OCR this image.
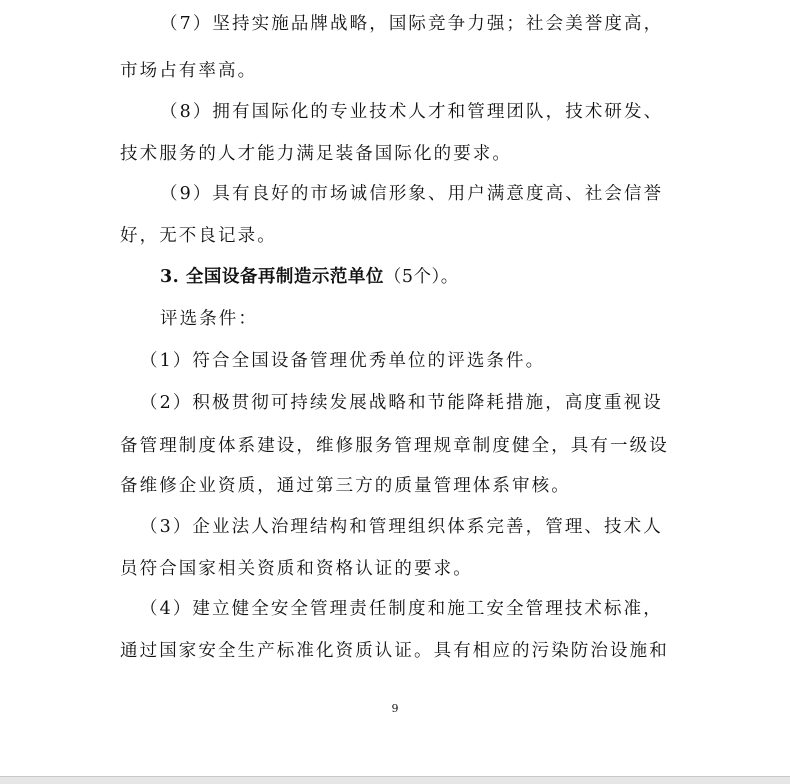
（7）坚持实施品牌战略，国际竞争力强；社会美誉度高，
市场占有率高。
（8）拥有国际化的专业技术人才和管理团队，技术研发、
技术服务的人才能力满足装备国际化的要求。
（9）具有良好的市场诚信形象、用户满意度高、社会信誉
好，无不良记录。
3. 全国设备再制造示范单位（5个）。
评选条件：
（1）符合全国设备管理优秀单位的评选条件。
（2）积极贯彻可持续发展战略和节能降耗措施，高度重视设
备管理制度体系建设，维修服务管理规章制度健全，具有一级设
备维修企业资质，通过第三方的质量管理体系审核。
（3）企业法人治理结构和管理组织体系完善，管理、技术人
员符合国家相关资质和资格认证的要求。
（4）建立健全安全管理责任制度和施工安全管理技术标准，
通过国家安全生产标准化资质认证。具有相应的污染防治设施和
9
